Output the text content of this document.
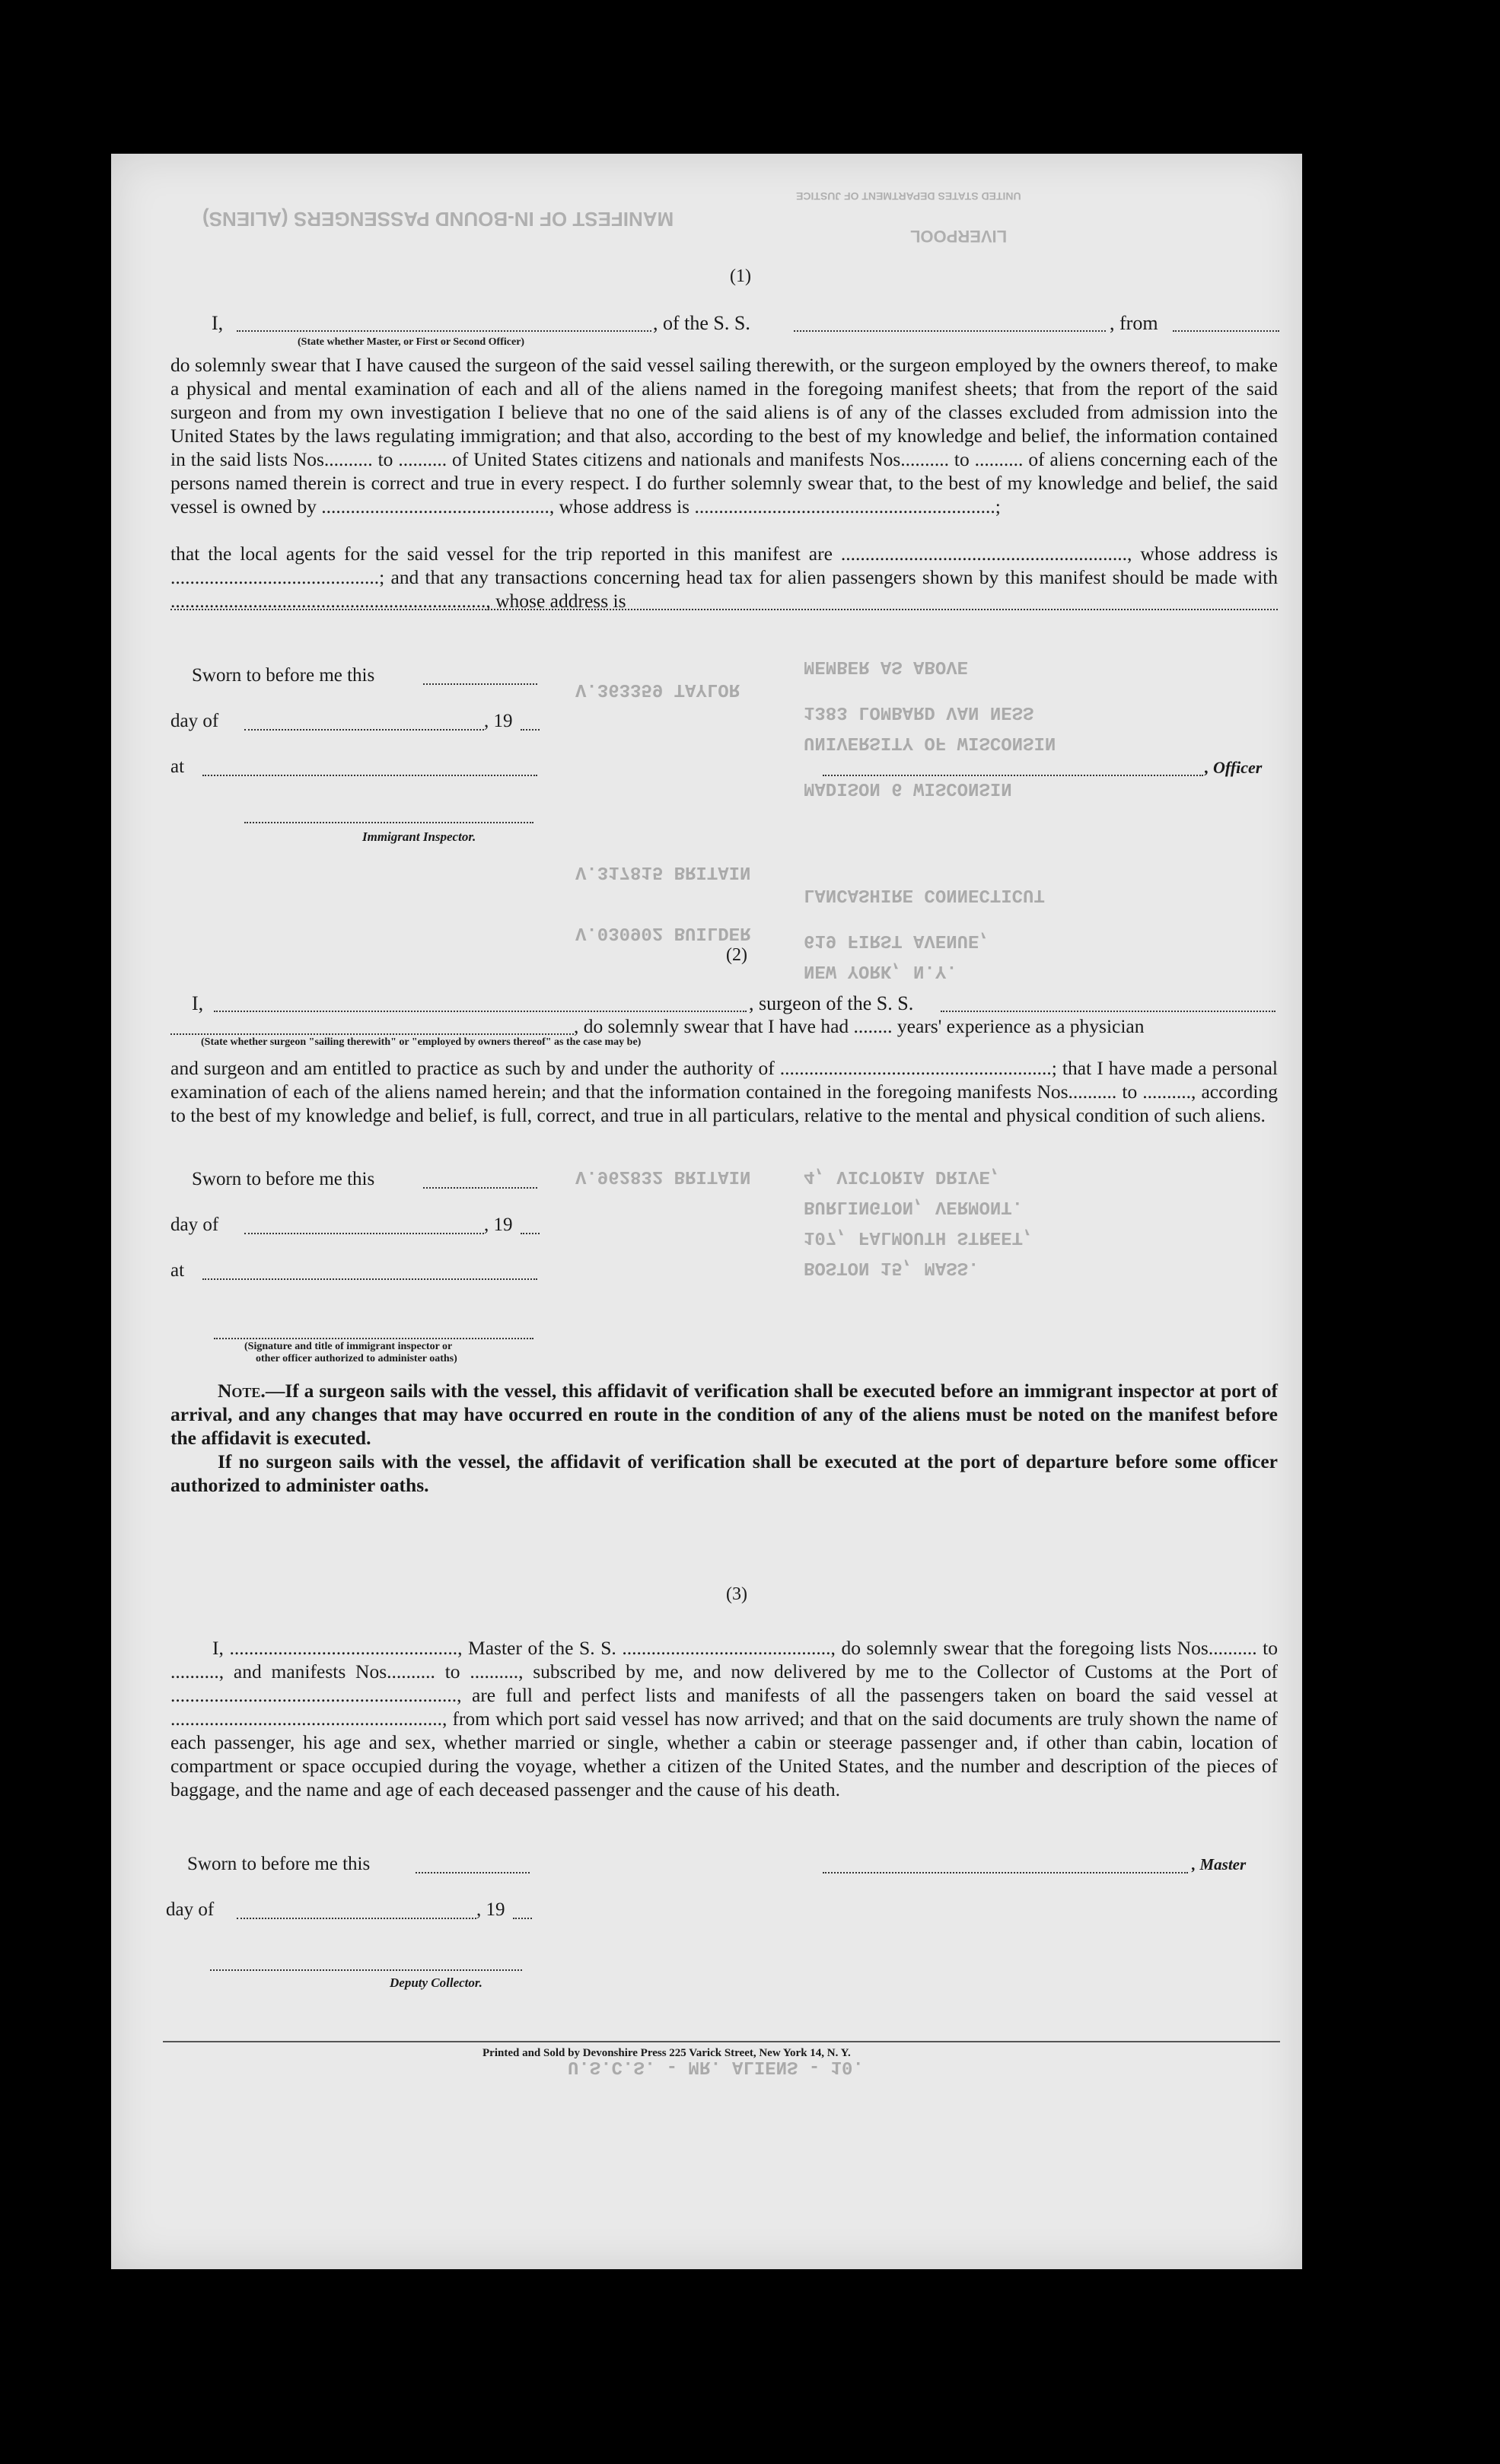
MANIFEST OF IN-BOUND PASSENGERS (ALIENS)
UNITED STATES DEPARTMENT OF JUSTICE
LIVERPOOL
(1)
I,	, of the S. S.	, from
(State whether Master, or First or Second Officer)
do solemnly swear that I have caused the surgeon of the said vessel sailing therewith, or the surgeon employed by the owners thereof, to make a physical and mental examination of each and all of the aliens named in the foregoing manifest sheets; that from the report of the said surgeon and from my own investigation I believe that no one of the said aliens is of any of the classes excluded from admission into the United States by the laws regulating immigration; and that also, according to the best of my knowledge and belief, the information contained in the said lists Nos.......... to .......... of United States citizens and nationals and manifests Nos.......... to .......... of aliens concerning each of the persons named therein is correct and true in every respect. I do further solemnly swear that, to the best of my knowledge and belief, the said vessel is owned by ..............................................., whose address is ..............................................................;
that the local agents for the said vessel for the trip reported in this manifest are ..........................................................., whose address is ...........................................; and that any transactions concerning head tax for alien passengers shown by this manifest should be made with ................................................................., whose address is
Sworn to before me this
day of	, 19
at	, Officer
Immigrant Inspector.
V.363359 TAYLOR
MEMBER AS ABOVE
1383 LOMBARD VAN NESS
UNIVERSITY OF WISCONSIN
MADISON 6 WISCONSIN
V.317815 BRITAIN
LANCASHIRE CONNECTICUT
V.030902 BUILDER	619 FIRST AVENUE,
NEW YORK, N.Y.
V.962832 BRITAIN	4, VICTORIA DRIVE,
BURLINGTON, VERMONT.
107, FALMOUTH STREET,
BOSTON 15, MASS.
U.S.C.S. - MR. ALIENS - 10.
(2)
I,	, surgeon of the S. S.
, do solemnly swear that I have had ........ years' experience as a physician
(State whether surgeon "sailing therewith" or "employed by owners thereof" as the case may be)
and surgeon and am entitled to practice as such by and under the authority of ........................................................; that I have made a personal examination of each of the aliens named herein; and that the information contained in the foregoing manifests Nos.......... to .........., according to the best of my knowledge and belief, is full, correct, and true in all particulars, relative to the mental and physical condition of such aliens.
Sworn to before me this
day of	, 19
at
(Signature and title of immigrant inspector or
other officer authorized to administer oaths)
Note.—If a surgeon sails with the vessel, this affidavit of verification shall be executed before an immigrant inspector at port of arrival, and any changes that may have occurred en route in the condition of any of the aliens must be noted on the manifest before the affidavit is executed.
If no surgeon sails with the vessel, the affidavit of verification shall be executed at the port of departure before some officer authorized to administer oaths.
(3)
I, ..............................................., Master of the S. S. ..........................................., do solemnly swear that the foregoing lists Nos.......... to .........., and manifests Nos.......... to .........., subscribed by me, and now delivered by me to the Collector of Customs at the Port of ..........................................................., are full and perfect lists and manifests of all the passengers taken on board the said vessel at ........................................................, from which port said vessel has now arrived; and that on the said documents are truly shown the name of each passenger, his age and sex, whether married or single, whether a cabin or steerage passenger and, if other than cabin, location of compartment or space occupied during the voyage, whether a citizen of the United States, and the number and description of the pieces of baggage, and the name and age of each deceased passenger and the cause of his death.
Sworn to before me this	, Master
day of	, 19
Deputy Collector.
Printed and Sold by Devonshire Press 225 Varick Street, New York 14, N. Y.
